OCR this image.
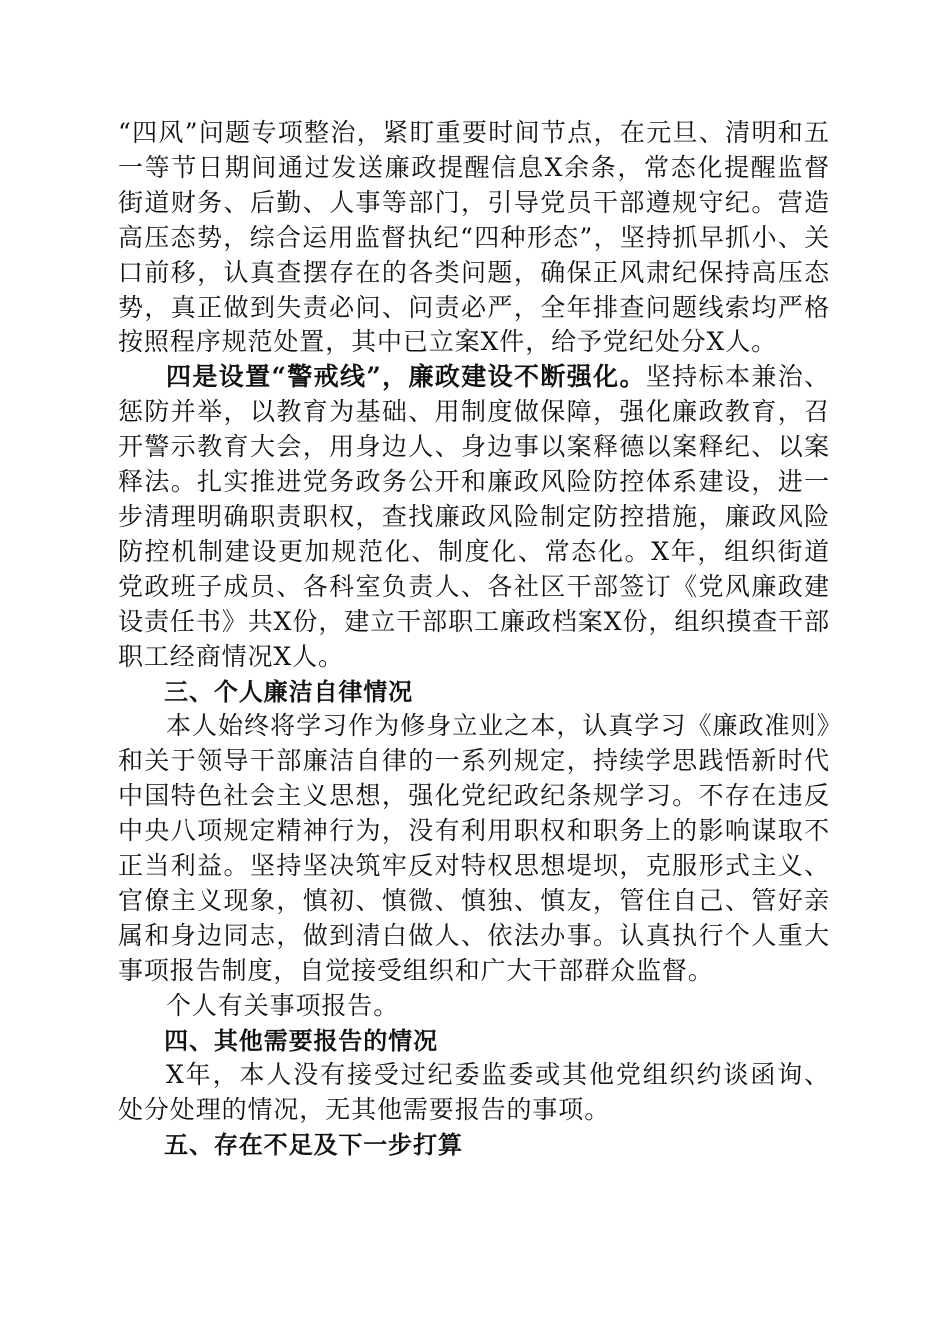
“四风”问题专项整治，紧盯重要时间节点，在元旦、清明和五一等节日期间通过发送廉政提醒信息X余条，常态化提醒监督街道财务、后勤、人事等部门，引导党员干部遵规守纪。营造高压态势，综合运用监督执纪“四种形态”，坚持抓早抓小、关口前移，认真查摆存在的各类问题，确保正风肃纪保持高压态势，真正做到失责必问、问责必严，全年排查问题线索均严格按照程序规范处置，其中已立案X件，给予党纪处分X人。

四是设置“警戒线”，廉政建设不断强化。坚持标本兼治、惩防并举，以教育为基础、用制度做保障，强化廉政教育，召开警示教育大会，用身边人、身边事以案释德以案释纪、以案释法。扎实推进党务政务公开和廉政风险防控体系建设，进一步清理明确职责职权，查找廉政风险制定防控措施，廉政风险防控机制建设更加规范化、制度化、常态化。X年，组织街道党政班子成员、各科室负责人、各社区干部签订《党风廉政建设责任书》共X份，建立干部职工廉政档案X份，组织摸查干部职工经商情况X人。

三、个人廉洁自律情况

本人始终将学习作为修身立业之本，认真学习《廉政准则》和关于领导干部廉洁自律的一系列规定，持续学思践悟新时代中国特色社会主义思想，强化党纪政纪条规学习。不存在违反中央八项规定精神行为，没有利用职权和职务上的影响谋取不正当利益。坚持坚决筑牢反对特权思想堤坝，克服形式主义、官僚主义现象，慎初、慎微、慎独、慎友，管住自己、管好亲属和身边同志，做到清白做人、依法办事。认真执行个人重大事项报告制度，自觉接受组织和广大干部群众监督。

个人有关事项报告。

四、其他需要报告的情况

X年，本人没有接受过纪委监委或其他党组织约谈函询、处分处理的情况，无其他需要报告的事项。

五、存在不足及下一步打算
